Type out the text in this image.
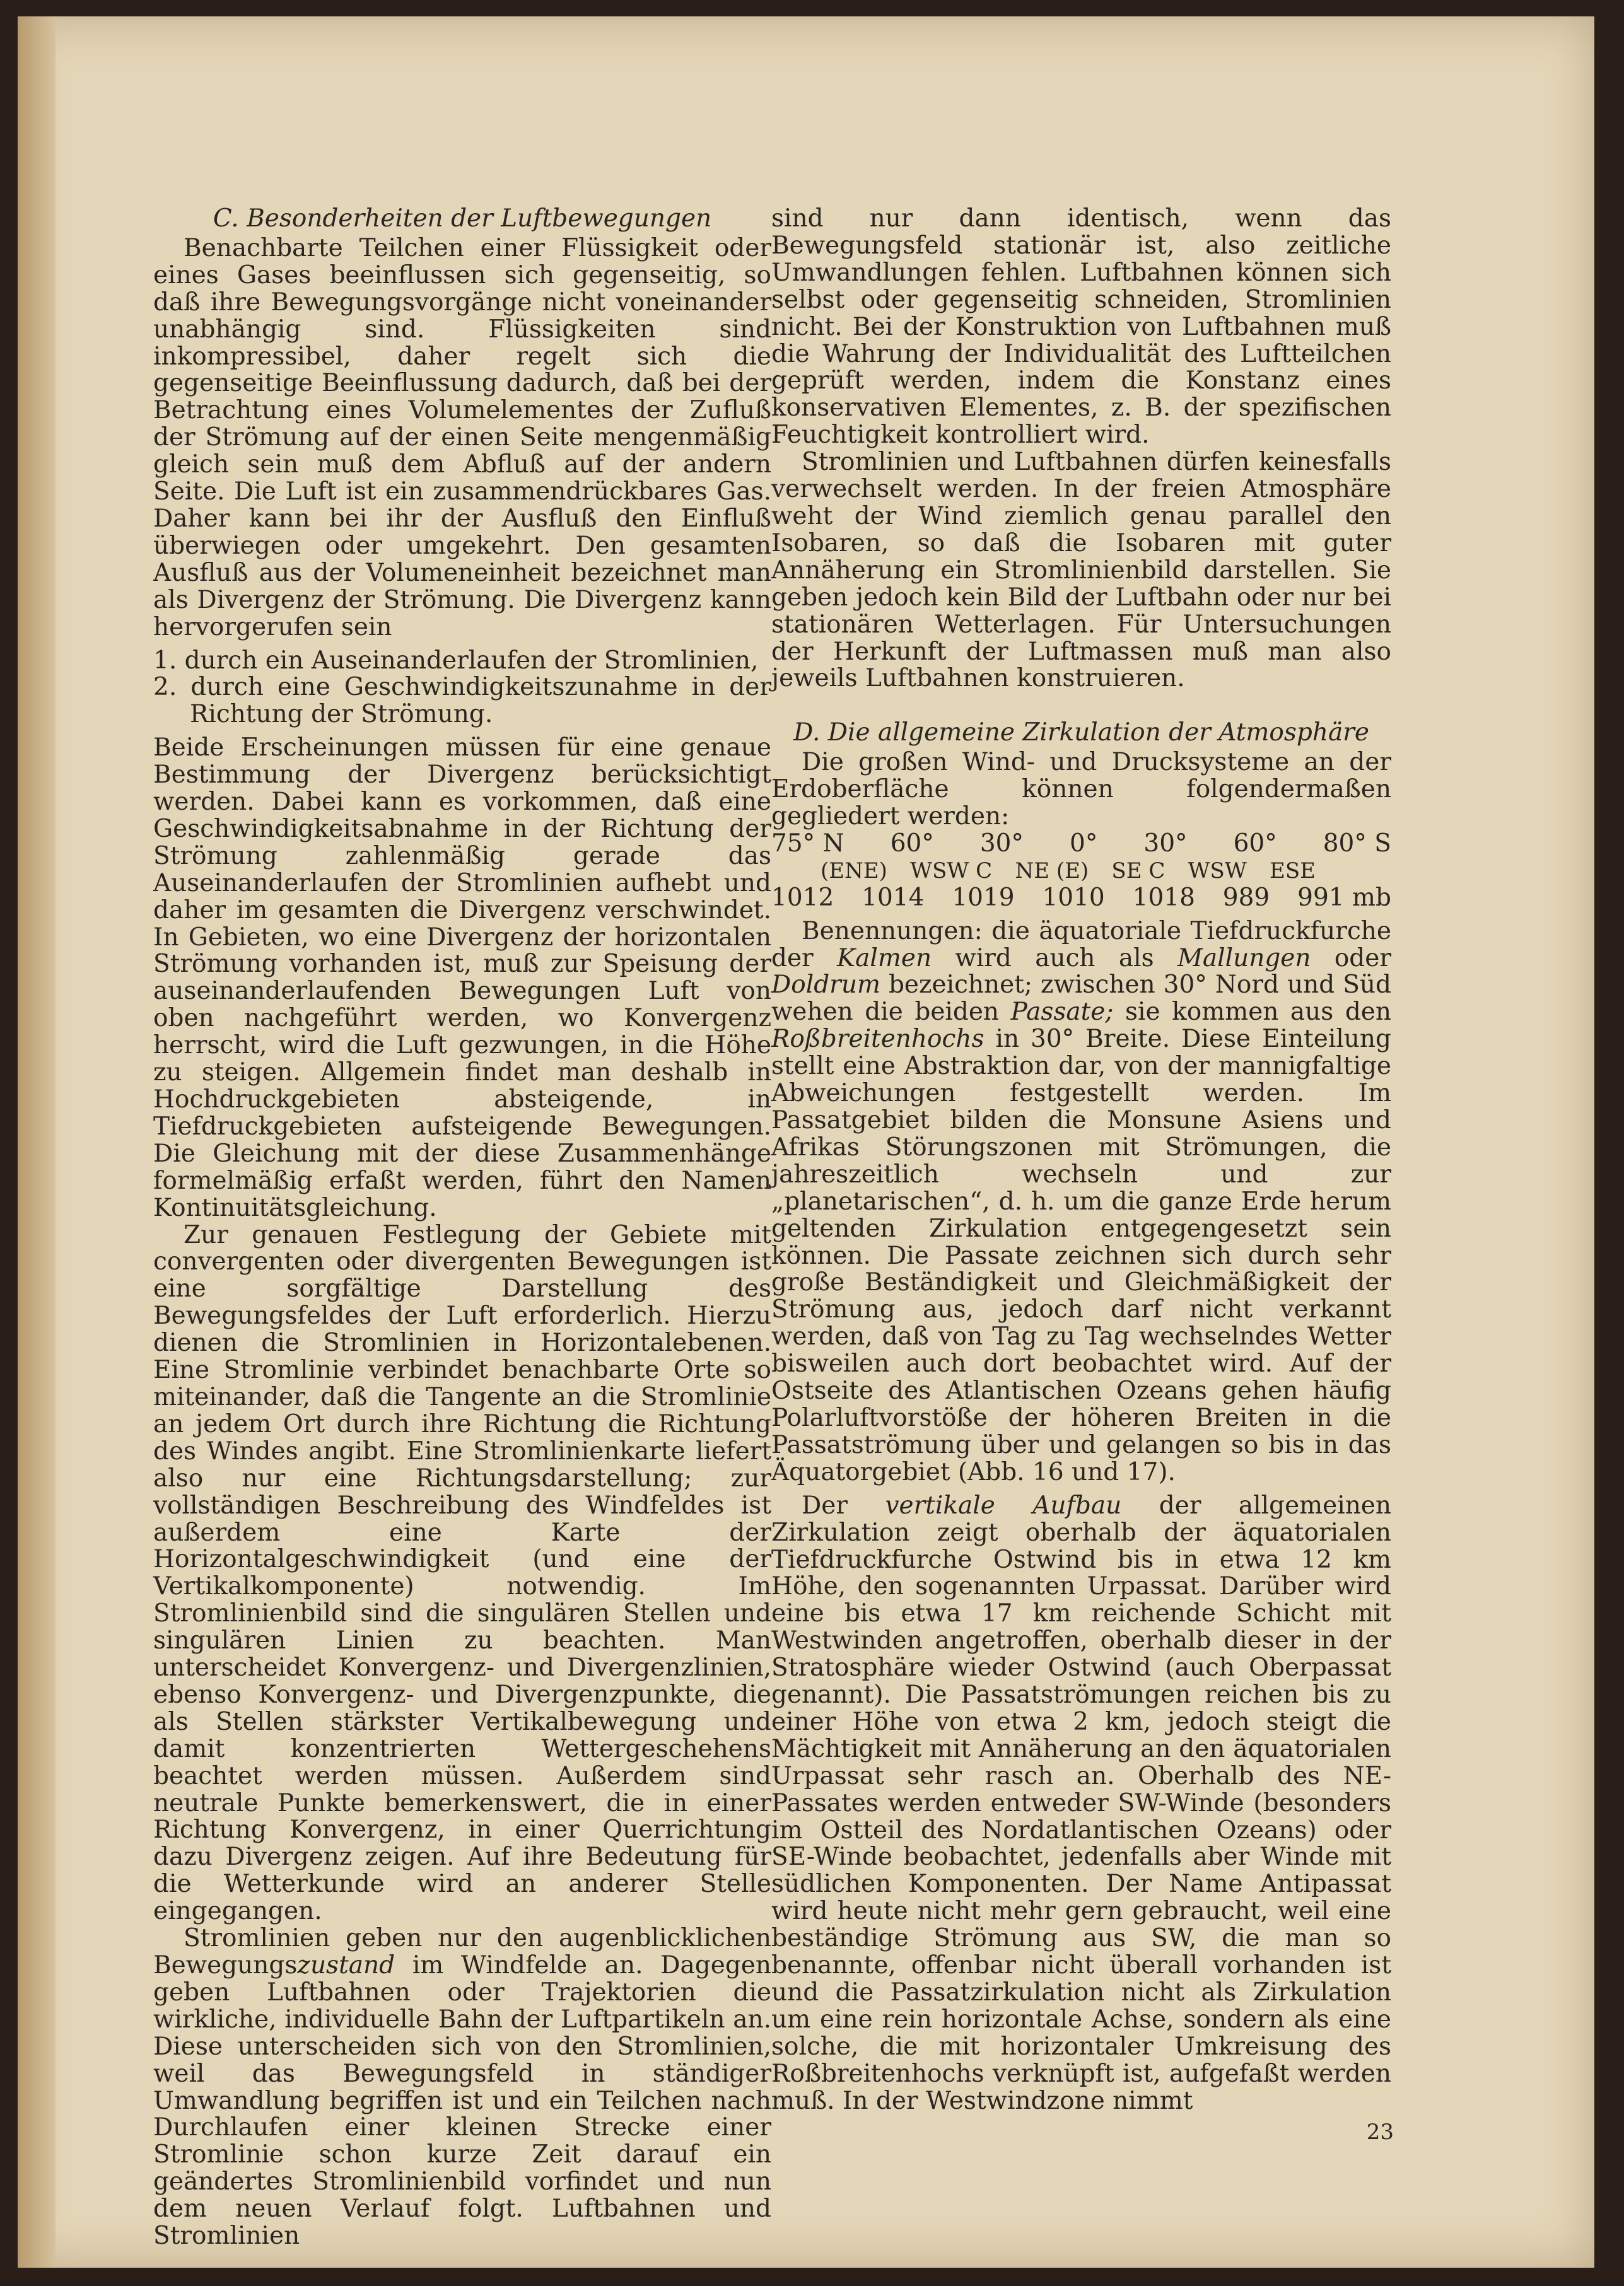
C. Besonderheiten der Luftbewegungen

Benachbarte Teilchen einer Flüssigkeit oder eines Gases beeinflussen sich gegenseitig, so daß ihre Bewegungsvorgänge nicht voneinander unabhängig sind. Flüssigkeiten sind inkompressibel, daher regelt sich die gegenseitige Beeinflussung dadurch, daß bei der Betrachtung eines Volumelementes der Zufluß der Strömung auf der einen Seite mengenmäßig gleich sein muß dem Abfluß auf der andern Seite. Die Luft ist ein zusammendrückbares Gas. Daher kann bei ihr der Ausfluß den Einfluß überwiegen oder umgekehrt. Den gesamten Ausfluß aus der Volumeneinheit bezeichnet man als Divergenz der Strömung. Die Divergenz kann hervorgerufen sein

1. durch ein Auseinanderlaufen der Stromlinien,
2. durch eine Geschwindigkeitszunahme in der Richtung der Strömung.

Beide Erscheinungen müssen für eine genaue Bestimmung der Divergenz berücksichtigt werden. Dabei kann es vorkommen, daß eine Geschwindigkeitsabnahme in der Richtung der Strömung zahlenmäßig gerade das Auseinanderlaufen der Stromlinien aufhebt und daher im gesamten die Divergenz verschwindet. In Gebieten, wo eine Divergenz der horizontalen Strömung vorhanden ist, muß zur Speisung der auseinanderlaufenden Bewegungen Luft von oben nachgeführt werden, wo Konvergenz herrscht, wird die Luft gezwungen, in die Höhe zu steigen. Allgemein findet man deshalb in Hochdruckgebieten absteigende, in Tiefdruckgebieten aufsteigende Bewegungen. Die Gleichung mit der diese Zusammenhänge formelmäßig erfaßt werden, führt den Namen Kontinuitätsgleichung.

Zur genauen Festlegung der Gebiete mit convergenten oder divergenten Bewegungen ist eine sorgfältige Darstellung des Bewegungsfeldes der Luft erforderlich. Hierzu dienen die Stromlinien in Horizontalebenen. Eine Stromlinie verbindet benachbarte Orte so miteinander, daß die Tangente an die Stromlinie an jedem Ort durch ihre Richtung die Richtung des Windes angibt. Eine Stromlinienkarte liefert also nur eine Richtungsdarstellung; zur vollständigen Beschreibung des Windfeldes ist außerdem eine Karte der Horizontalgeschwindigkeit (und eine der Vertikalkomponente) notwendig. Im Stromlinienbild sind die singulären Stellen und singulären Linien zu beachten. Man unterscheidet Konvergenz- und Divergenzlinien, ebenso Konvergenz- und Divergenzpunkte, die als Stellen stärkster Vertikalbewegung und damit konzentrierten Wettergeschehens beachtet werden müssen. Außerdem sind neutrale Punkte bemerkenswert, die in einer Richtung Konvergenz, in einer Querrichtung dazu Divergenz zeigen. Auf ihre Bedeutung für die Wetterkunde wird an anderer Stelle eingegangen.

Stromlinien geben nur den augenblicklichen Bewegungszustand im Windfelde an. Dagegen geben Luftbahnen oder Trajektorien die wirkliche, individuelle Bahn der Luftpartikeln an. Diese unterscheiden sich von den Stromlinien, weil das Bewegungsfeld in ständiger Umwandlung begriffen ist und ein Teilchen nach Durchlaufen einer kleinen Strecke einer Stromlinie schon kurze Zeit darauf ein geändertes Stromlinienbild vorfindet und nun dem neuen Verlauf folgt. Luftbahnen und Stromlinien

sind nur dann identisch, wenn das Bewegungsfeld stationär ist, also zeitliche Umwandlungen fehlen. Luftbahnen können sich selbst oder gegenseitig schneiden, Stromlinien nicht. Bei der Konstruktion von Luftbahnen muß die Wahrung der Individualität des Luftteilchen geprüft werden, indem die Konstanz eines konservativen Elementes, z. B. der spezifischen Feuchtigkeit kontrolliert wird.

Stromlinien und Luftbahnen dürfen keinesfalls verwechselt werden. In der freien Atmosphäre weht der Wind ziemlich genau parallel den Isobaren, so daß die Isobaren mit guter Annäherung ein Stromlinienbild darstellen. Sie geben jedoch kein Bild der Luftbahn oder nur bei stationären Wetterlagen. Für Untersuchungen der Herkunft der Luftmassen muß man also jeweils Luftbahnen konstruieren.

D. Die allgemeine Zirkulation der Atmosphäre

Die großen Wind- und Drucksysteme an der Erdoberfläche können folgendermaßen gegliedert werden:

75° N 60° 30° 0° 30° 60° 80° S
(ENE) WSW C NE (E) SE C WSW ESE
1012 1014 1019 1010 1018 989 991 mb

Benennungen: die äquatoriale Tiefdruckfurche der Kalmen wird auch als Mallungen oder Doldrum bezeichnet; zwischen 30° Nord und Süd wehen die beiden Passate; sie kommen aus den Roßbreitenhochs in 30° Breite. Diese Einteilung stellt eine Abstraktion dar, von der mannigfaltige Abweichungen festgestellt werden. Im Passatgebiet bilden die Monsune Asiens und Afrikas Störungszonen mit Strömungen, die jahreszeitlich wechseln und zur „planetarischen“, d. h. um die ganze Erde herum geltenden Zirkulation entgegengesetzt sein können. Die Passate zeichnen sich durch sehr große Beständigkeit und Gleichmäßigkeit der Strömung aus, jedoch darf nicht verkannt werden, daß von Tag zu Tag wechselndes Wetter bisweilen auch dort beobachtet wird. Auf der Ostseite des Atlantischen Ozeans gehen häufig Polarluftvorstöße der höheren Breiten in die Passatströmung über und gelangen so bis in das Äquatorgebiet (Abb. 16 und 17).

Der vertikale Aufbau der allgemeinen Zirkulation zeigt oberhalb der äquatorialen Tiefdruckfurche Ostwind bis in etwa 12 km Höhe, den sogenannten Urpassat. Darüber wird eine bis etwa 17 km reichende Schicht mit Westwinden angetroffen, oberhalb dieser in der Stratosphäre wieder Ostwind (auch Oberpassat genannt). Die Passatströmungen reichen bis zu einer Höhe von etwa 2 km, jedoch steigt die Mächtigkeit mit Annäherung an den äquatorialen Urpassat sehr rasch an. Oberhalb des NE-Passates werden entweder SW-Winde (besonders im Ostteil des Nordatlantischen Ozeans) oder SE-Winde beobachtet, jedenfalls aber Winde mit südlichen Komponenten. Der Name Antipassat wird heute nicht mehr gern gebraucht, weil eine beständige Strömung aus SW, die man so benannte, offenbar nicht überall vorhanden ist und die Passatzirkulation nicht als Zirkulation um eine rein horizontale Achse, sondern als eine solche, die mit horizontaler Umkreisung des Roßbreitenhochs verknüpft ist, aufgefaßt werden muß. In der Westwindzone nimmt

23
